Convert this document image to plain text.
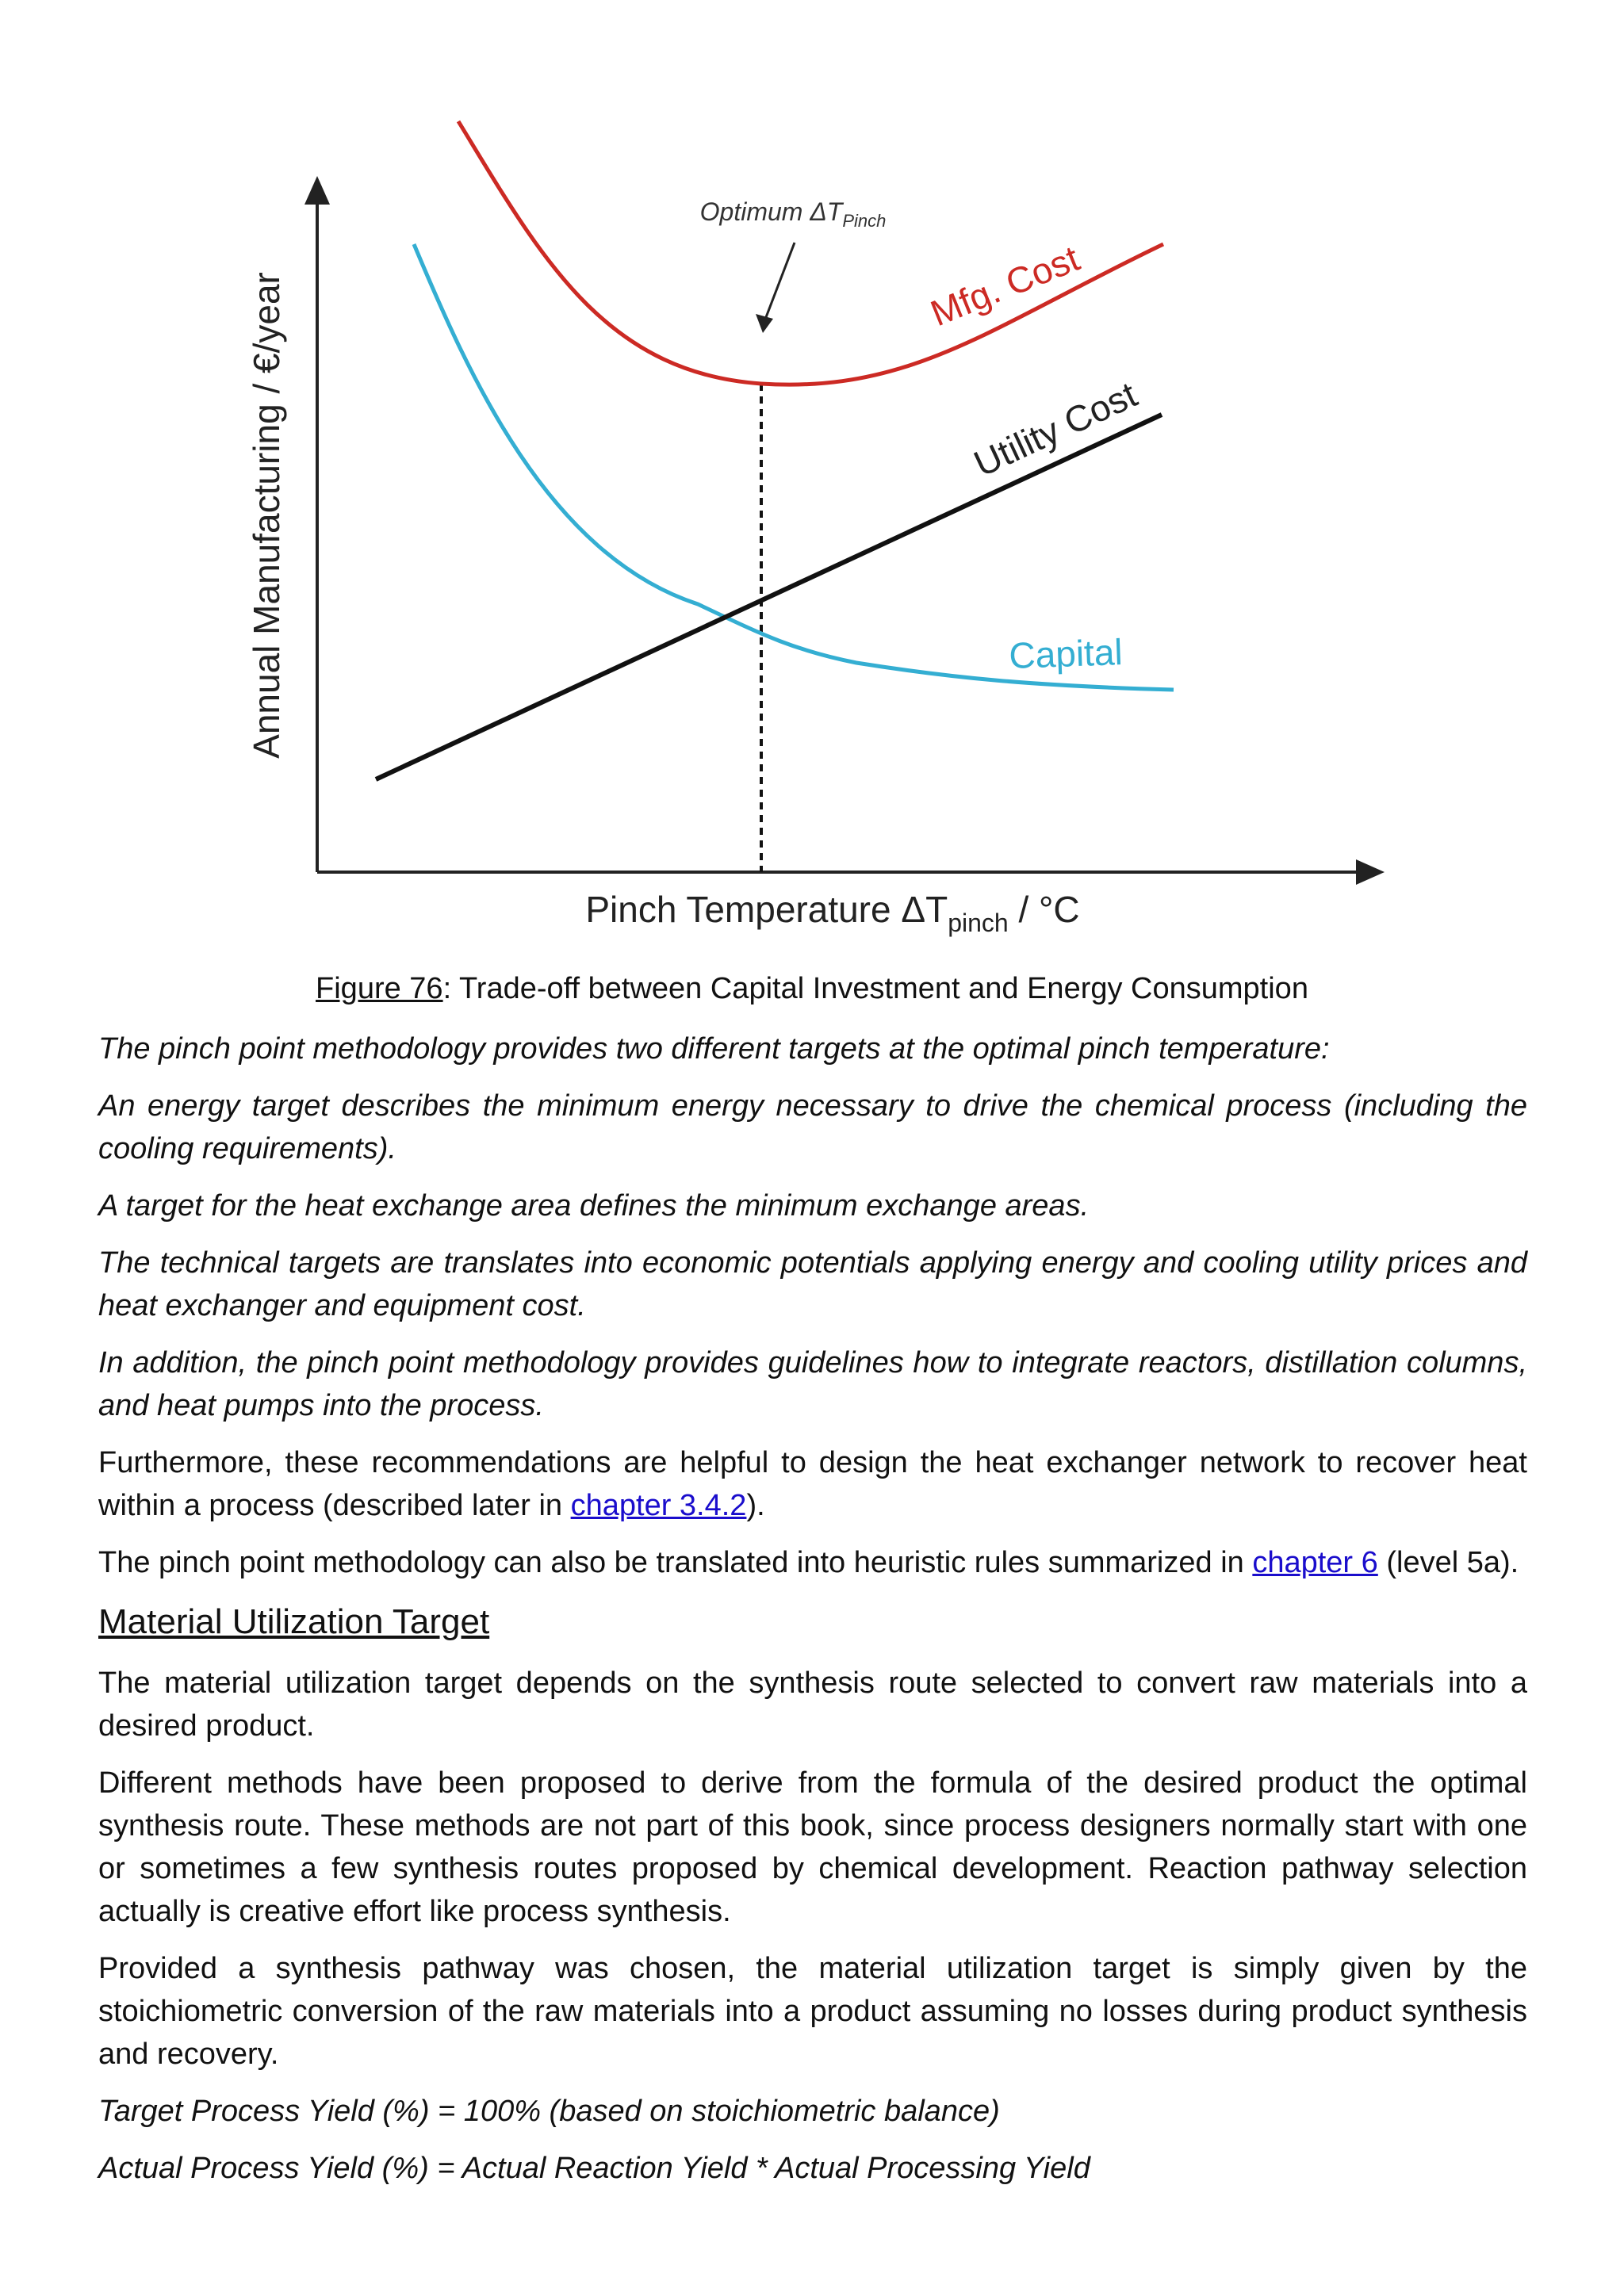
Annual Manufacturing / €/year
Pinch Temperature $\Delta T_{pinch} / ^\circ C$
Optimum $\Delta T_{Pinch}$
Mfg. Cost
Utility Cost
Capital
Figure 76: Trade-off between Capital Investment and Energy Consumption

The pinch point methodology provides two different targets at the optimal pinch temperature:

An energy target describes the minimum energy necessary to drive the chemical process (including the cooling requirements).

A target for the heat exchange area defines the minimum exchange areas.

The technical targets are translates into economic potentials applying energy and cooling utility prices and heat exchanger and equipment cost.

In addition, the pinch point methodology provides guidelines how to integrate reactors, distillation columns, and heat pumps into the process.

Furthermore, these recommendations are helpful to design the heat exchanger network to recover heat within a process (described later in chapter 3.4.2).

The pinch point methodology can also be translated into heuristic rules summarized in chapter 6 (level 5a).

Material Utilization Target

The material utilization target depends on the synthesis route selected to convert raw materials into a desired product.

Different methods have been proposed to derive from the formula of the desired product the optimal synthesis route. These methods are not part of this book, since process designers normally start with one or sometimes a few synthesis routes proposed by chemical development. Reaction pathway selection actually is creative effort like process synthesis.

Provided a synthesis pathway was chosen, the material utilization target is simply given by the stoichiometric conversion of the raw materials into a product assuming no losses during product synthesis and recovery.

Target Process Yield (%) = 100% (based on stoichiometric balance)

Actual Process Yield (%) = Actual Reaction Yield * Actual Processing Yield
